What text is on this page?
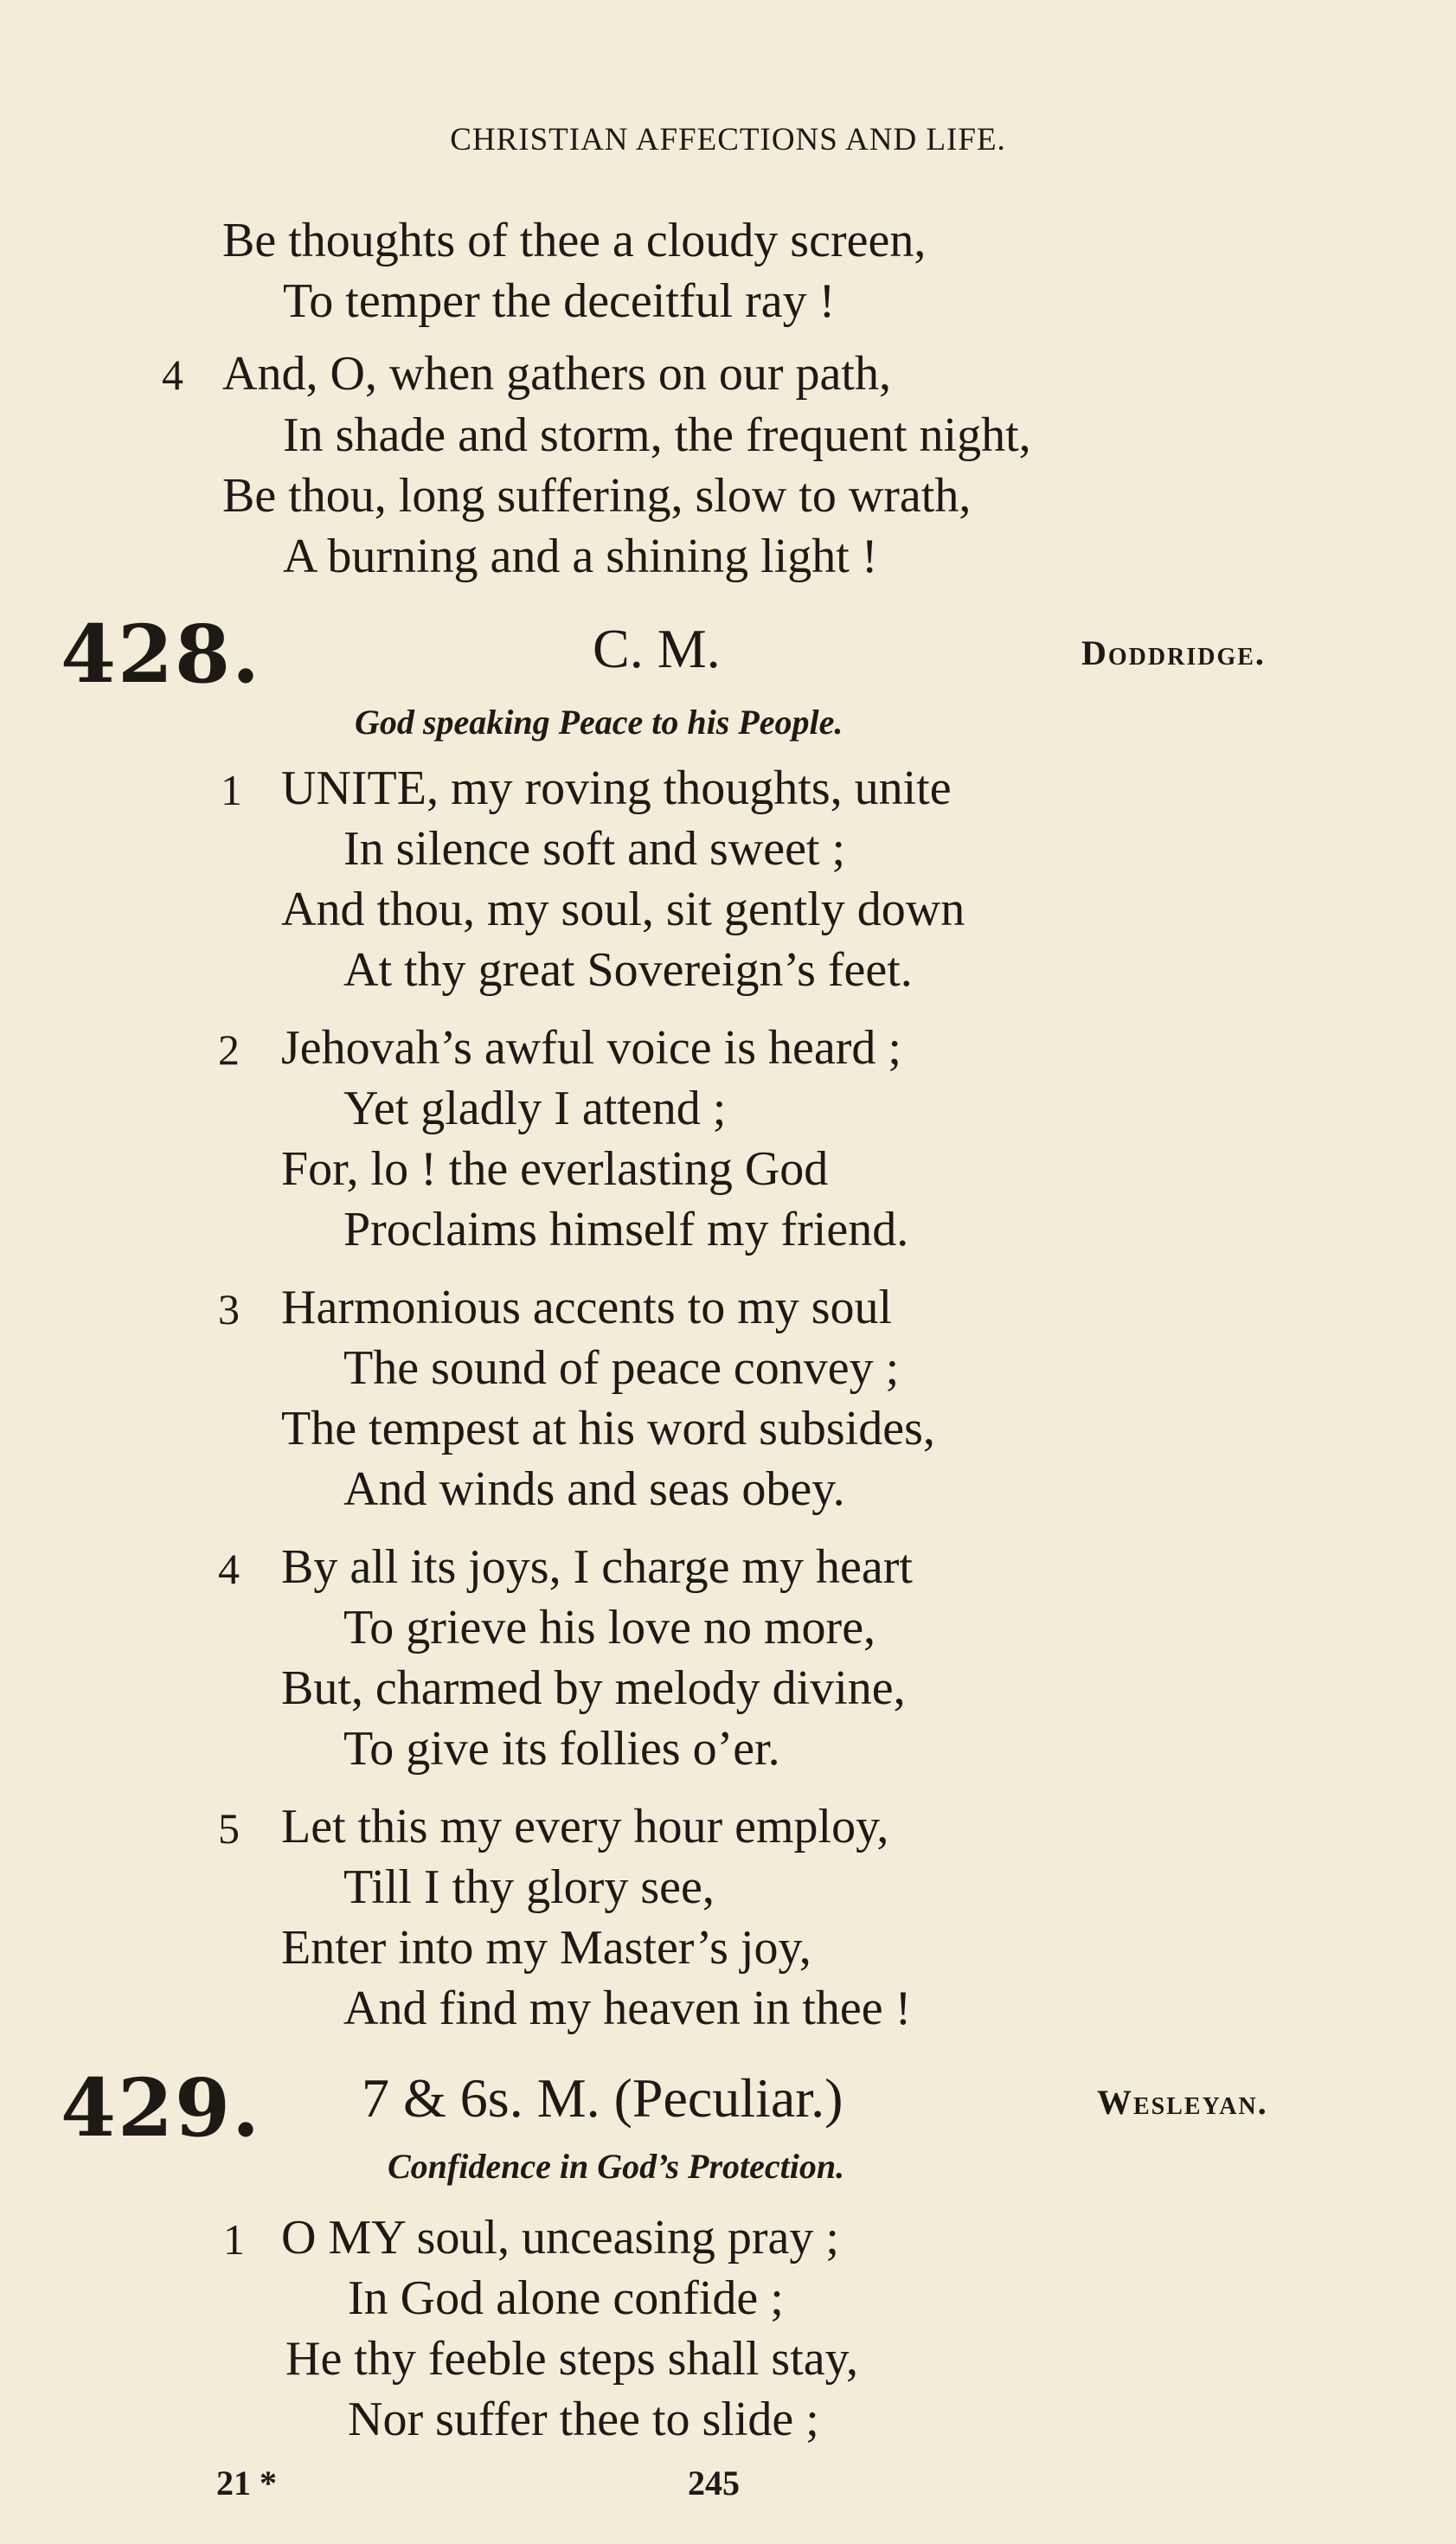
CHRISTIAN AFFECTIONS AND LIFE.
Be thoughts of thee a cloudy screen,
To temper the deceitful ray !
4 And, O, when gathers on our path,
In shade and storm, the frequent night,
Be thou, long suffering, slow to wrath,
A burning and a shining light !
428.	C. M.	Doddridge.
God speaking Peace to his People.
1 UNITE, my roving thoughts, unite
In silence soft and sweet ;
And thou, my soul, sit gently down
At thy great Sovereign’s feet.
2 Jehovah’s awful voice is heard ;
Yet gladly I attend ;
For, lo ! the everlasting God
Proclaims himself my friend.
3 Harmonious accents to my soul
The sound of peace convey ;
The tempest at his word subsides,
And winds and seas obey.
4 By all its joys, I charge my heart
To grieve his love no more,
But, charmed by melody divine,
To give its follies o’er.
5 Let this my every hour employ,
Till I thy glory see,
Enter into my Master’s joy,
And find my heaven in thee !
429. 7 & 6s. M. (Peculiar.)	Wesleyan.
Confidence in God’s Protection.
1 O MY soul, unceasing pray ;
In God alone confide ;
He thy feeble steps shall stay,
Nor suffer thee to slide ;
21 *	245
